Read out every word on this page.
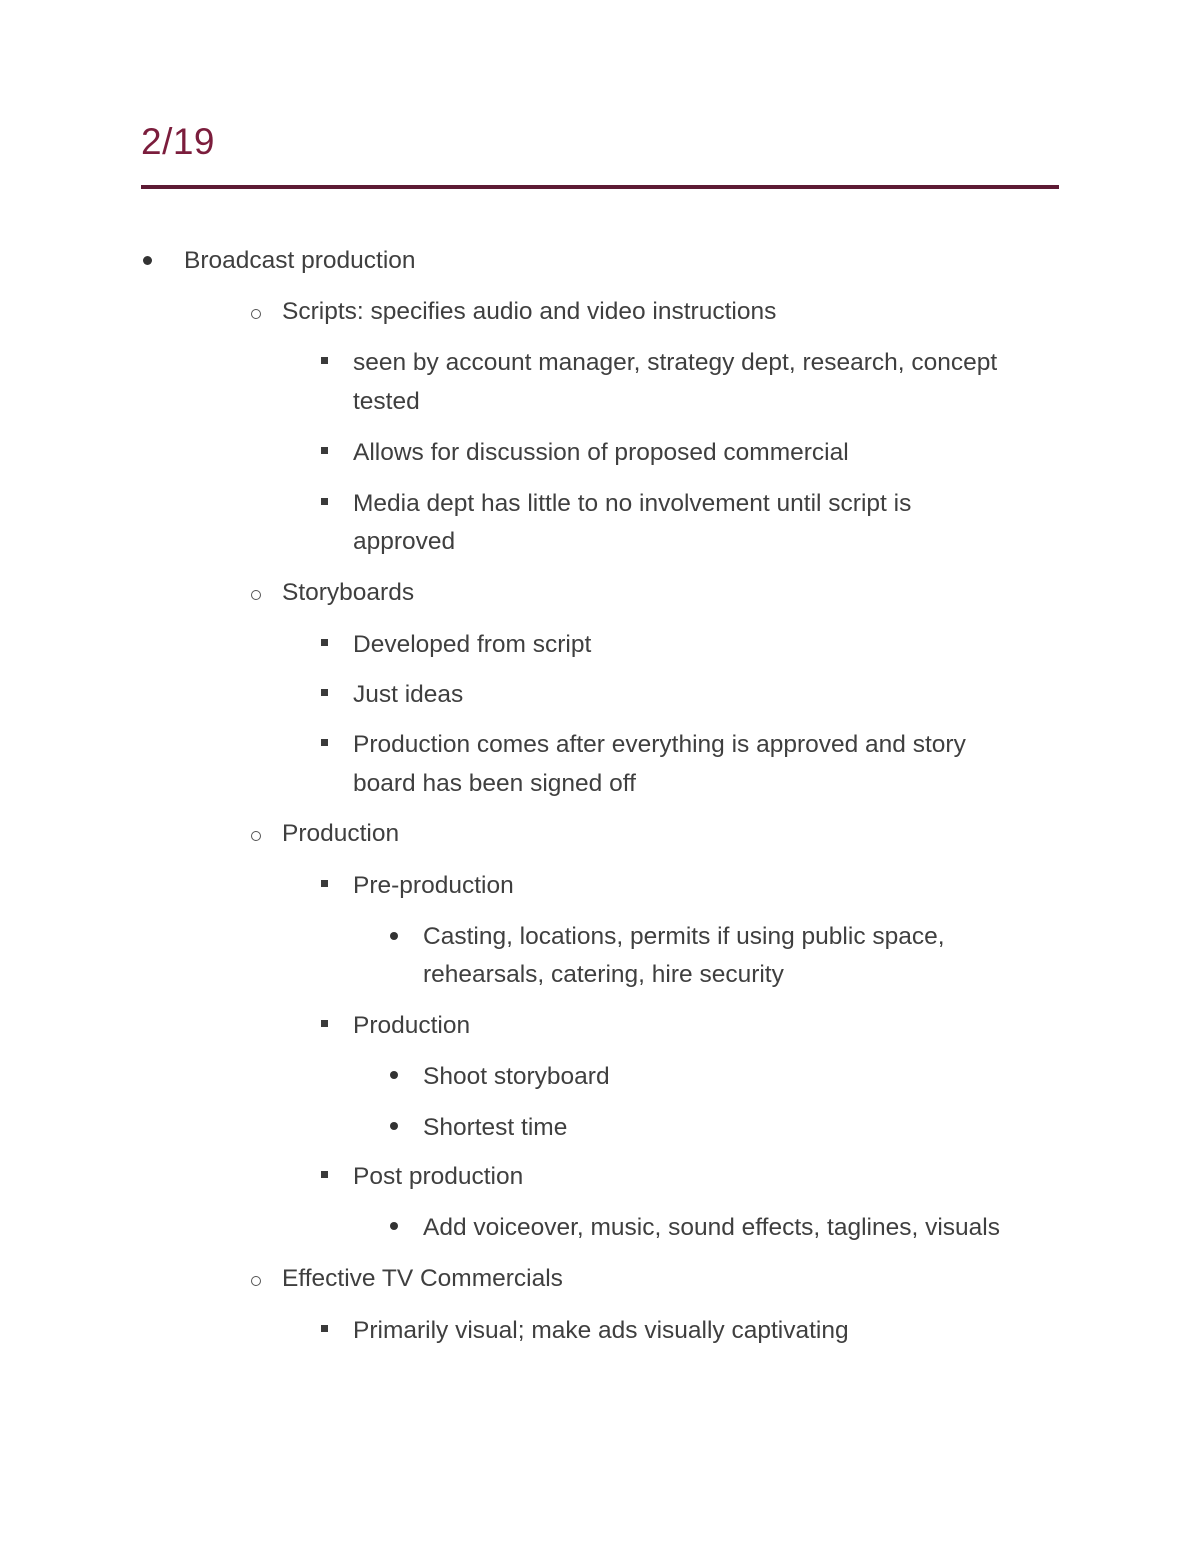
2/19
Broadcast production
Scripts: specifies audio and video instructions
seen by account manager, strategy dept, research, concept
tested
Allows for discussion of proposed commercial
Media dept has little to no involvement until script is
approved
Storyboards
Developed from script
Just ideas
Production comes after everything is approved and story
board has been signed off
Production
Pre-production
Casting, locations, permits if using public space,
rehearsals, catering, hire security
Production
Shoot storyboard
Shortest time
Post production
Add voiceover, music, sound effects, taglines, visuals
Effective TV Commercials
Primarily visual; make ads visually captivating
